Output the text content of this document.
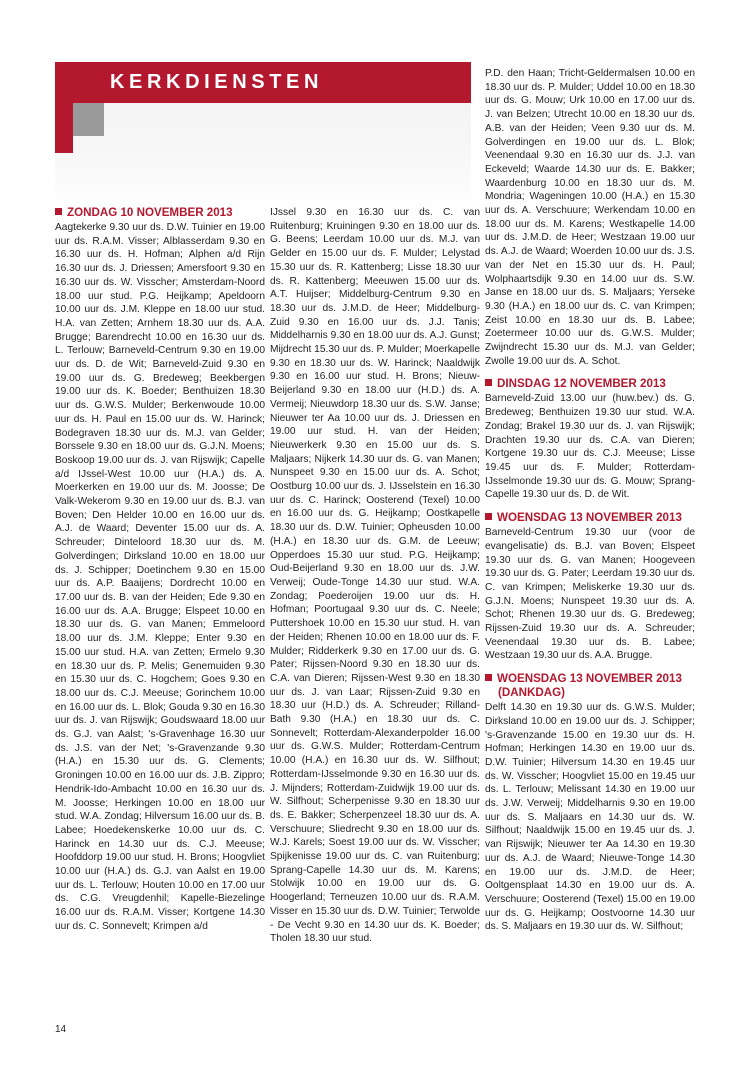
KERKDIENSTEN
ZONDAG 10 NOVEMBER 2013
Aagtekerke 9.30 uur ds. D.W. Tuinier en 19.00 uur ds. R.A.M. Visser; Alblasserdam 9.30 en 16.30 uur ds. H. Hofman; Alphen a/d Rijn 16.30 uur ds. J. Driessen; Amersfoort 9.30 en 16.30 uur ds. W. Visscher; Amsterdam-Noord 18.00 uur stud. P.G. Heijkamp; Apeldoorn 10.00 uur ds. J.M. Kleppe en 18.00 uur stud. H.A. van Zetten; Arnhem 18.30 uur ds. A.A. Brugge; Barendrecht 10.00 en 16.30 uur ds. L. Terlouw; Barneveld-Centrum 9.30 en 19.00 uur ds. D. de Wit; Barneveld-Zuid 9.30 en 19.00 uur ds. G. Bredeweg; Beekbergen 19.00 uur ds. K. Boeder; Benthuizen 18.30 uur ds. G.W.S. Mulder; Berkenwoude 10.00 uur ds. H. Paul en 15.00 uur ds. W. Harinck; Bodegraven 18.30 uur ds. M.J. van Gelder; Borssele 9.30 en 18.00 uur ds. G.J.N. Moens; Boskoop 19.00 uur ds. J. van Rijswijk; Capelle a/d IJssel-West 10.00 uur (H.A.) ds. A. Moerkerken en 19.00 uur ds. M. Joosse; De Valk-Wekerom 9.30 en 19.00 uur ds. B.J. van Boven; Den Helder 10.00 en 16.00 uur ds. A.J. de Waard; Deventer 15.00 uur ds. A. Schreuder; Dinteloord 18.30 uur ds. M. Golverdingen; Dirksland 10.00 en 18.00 uur ds. J. Schipper; Doetinchem 9.30 en 15.00 uur ds. A.P. Baaijens; Dordrecht 10.00 en 17.00 uur ds. B. van der Heiden; Ede 9.30 en 16.00 uur ds. A.A. Brugge; Elspeet 10.00 en 18.30 uur ds. G. van Manen; Emmeloord 18.00 uur ds. J.M. Kleppe; Enter 9.30 en 15.00 uur stud. H.A. van Zetten; Ermelo 9.30 en 18.30 uur ds. P. Melis; Genemuiden 9.30 en 15.30 uur ds. C. Hogchem; Goes 9.30 en 18.00 uur ds. C.J. Meeuse; Gorinchem 10.00 en 16.00 uur ds. L. Blok; Gouda 9.30 en 16.30 uur ds. J. van Rijswijk; Goudswaard 18.00 uur ds. G.J. van Aalst; 's-Gravenhage 16.30 uur ds. J.S. van der Net; 's-Gravenzande 9.30 (H.A.) en 15.30 uur ds. G. Clements; Groningen 10.00 en 16.00 uur ds. J.B. Zippro; Hendrik-Ido-Ambacht 10.00 en 16.30 uur ds. M. Joosse; Herkingen 10.00 en 18.00 uur stud. W.A. Zondag; Hilversum 16.00 uur ds. B. Labee; Hoedekenskerke 10.00 uur ds. C. Harinck en 14.30 uur ds. C.J. Meeuse; Hoofddorp 19.00 uur stud. H. Brons; Hoogvliet 10.00 uur (H.A.) ds. G.J. van Aalst en 19.00 uur ds. L. Terlouw; Houten 10.00 en 17.00 uur ds. C.G. Vreugdenhil; Kapelle-Biezelinge 16.00 uur ds. R.A.M. Visser; Kortgene 14.30 uur ds. C. Sonnevelt; Krimpen a/d
IJssel 9.30 en 16.30 uur ds. C. van Ruitenburg; Kruiningen 9.30 en 18.00 uur ds. G. Beens; Leerdam 10.00 uur ds. M.J. van Gelder en 15.00 uur ds. F. Mulder; Lelystad 15.30 uur ds. R. Kattenberg; Lisse 18.30 uur ds. R. Kattenberg; Meeuwen 15.00 uur ds. A.T. Huijser; Middelburg-Centrum 9.30 en 18.30 uur ds. J.M.D. de Heer; Middelburg-Zuid 9.30 en 16.00 uur ds. J.J. Tanis; Middelharnis 9.30 en 18.00 uur ds. A.J. Gunst; Mijdrecht 15.30 uur ds. P. Mulder; Moerkapelle 9.30 en 18.30 uur ds. W. Harinck; Naaldwijk 9.30 en 16.00 uur stud. H. Brons; Nieuw-Beijerland 9.30 en 18.00 uur (H.D.) ds. A. Vermeij; Nieuwdorp 18.30 uur ds. S.W. Janse; Nieuwer ter Aa 10.00 uur ds. J. Driessen en 19.00 uur stud. H. van der Heiden; Nieuwerkerk 9.30 en 15.00 uur ds. S. Maljaars; Nijkerk 14.30 uur ds. G. van Manen; Nunspeet 9.30 en 15.00 uur ds. A. Schot; Oostburg 10.00 uur ds. J. IJsselstein en 16.30 uur ds. C. Harinck; Oosterend (Texel) 10.00 en 16.00 uur ds. G. Heijkamp; Oostkapelle 18.30 uur ds. D.W. Tuinier; Opheusden 10.00 (H.A.) en 18.30 uur ds. G.M. de Leeuw; Opperdoes 15.30 uur stud. P.G. Heijkamp; Oud-Beijerland 9.30 en 18.00 uur ds. J.W. Verweij; Oude-Tonge 14.30 uur stud. W.A. Zondag; Poederoijen 19.00 uur ds. H. Hofman; Poortugaal 9.30 uur ds. C. Neele; Puttershoek 10.00 en 15.30 uur stud. H. van der Heiden; Rhenen 10.00 en 18.00 uur ds. F. Mulder; Ridderkerk 9.30 en 17.00 uur ds. G. Pater; Rijssen-Noord 9.30 en 18.30 uur ds. C.A. van Dieren; Rijssen-West 9.30 en 18.30 uur ds. J. van Laar; Rijssen-Zuid 9.30 en 18.30 uur (H.D.) ds. A. Schreuder; Rilland-Bath 9.30 (H.A.) en 18.30 uur ds. C. Sonnevelt; Rotterdam-Alexanderpolder 16.00 uur ds. G.W.S. Mulder; Rotterdam-Centrum 10.00 (H.A.) en 16.30 uur ds. W. Silfhout; Rotterdam-IJsselmonde 9.30 en 16.30 uur ds. J. Mijnders; Rotterdam-Zuidwijk 19.00 uur ds. W. Silfhout; Scherpenisse 9.30 en 18.30 uur ds. E. Bakker; Scherpenzeel 18.30 uur ds. A. Verschuure; Sliedrecht 9.30 en 18.00 uur ds. W.J. Karels; Soest 19.00 uur ds. W. Visscher; Spijkenisse 19.00 uur ds. C. van Ruitenburg; Sprang-Capelle 14.30 uur ds. M. Karens; Stolwijk 10.00 en 19.00 uur ds. G. Hoogerland; Terneuzen 10.00 uur ds. R.A.M. Visser en 15.30 uur ds. D.W. Tuinier; Terwolde - De Vecht 9.30 en 14.30 uur ds. K. Boeder; Tholen 18.30 uur stud.
P.D. den Haan; Tricht-Geldermalsen 10.00 en 18.30 uur ds. P. Mulder; Uddel 10.00 en 18.30 uur ds. G. Mouw; Urk 10.00 en 17.00 uur ds. J. van Belzen; Utrecht 10.00 en 18.30 uur ds. A.B. van der Heiden; Veen 9.30 uur ds. M. Golverdingen en 19.00 uur ds. L. Blok; Veenendaal 9.30 en 16.30 uur ds. J.J. van Eckeveld; Waarde 14.30 uur ds. E. Bakker; Waardenburg 10.00 en 18.30 uur ds. M. Mondria; Wageningen 10.00 (H.A.) en 15.30 uur ds. A. Verschuure; Werkendam 10.00 en 18.00 uur ds. M. Karens; Westkapelle 14.00 uur ds. J.M.D. de Heer; Westzaan 19.00 uur ds. A.J. de Waard; Woerden 10.00 uur ds. J.S. van der Net en 15.30 uur ds. H. Paul; Wolphaartsdijk 9.30 en 14.00 uur ds. S.W. Janse en 18.00 uur ds. S. Maljaars; Yerseke 9.30 (H.A.) en 18.00 uur ds. C. van Krimpen; Zeist 10.00 en 18.30 uur ds. B. Labee; Zoetermeer 10.00 uur ds. G.W.S. Mulder; Zwijndrecht 15.30 uur ds. M.J. van Gelder; Zwolle 19.00 uur ds. A. Schot.
DINSDAG 12 NOVEMBER 2013
Barneveld-Zuid 13.00 uur (huw.bev.) ds. G. Bredeweg; Benthuizen 19.30 uur stud. W.A. Zondag; Brakel 19.30 uur ds. J. van Rijswijk; Drachten 19.30 uur ds. C.A. van Dieren; Kortgene 19.30 uur ds. C.J. Meeuse; Lisse 19.45 uur ds. F. Mulder; Rotterdam-IJsselmonde 19.30 uur ds. G. Mouw; Sprang-Capelle 19.30 uur ds. D. de Wit.
WOENSDAG 13 NOVEMBER 2013
Barneveld-Centrum 19.30 uur (voor de evangelisatie) ds. B.J. van Boven; Elspeet 19.30 uur ds. G. van Manen; Hoogeveen 19.30 uur ds. G. Pater; Leerdam 19.30 uur ds. C. van Krimpen; Meliskerke 19.30 uur ds. G.J.N. Moens; Nunspeet 19.30 uur ds. A. Schot; Rhenen 19.30 uur ds. G. Bredeweg; Rijssen-Zuid 19.30 uur ds. A. Schreuder; Veenendaal 19.30 uur ds. B. Labee; Westzaan 19.30 uur ds. A.A. Brugge.
WOENSDAG 13 NOVEMBER 2013
(DANKDAG)
Delft 14.30 en 19.30 uur ds. G.W.S. Mulder; Dirksland 10.00 en 19.00 uur ds. J. Schipper; 's-Gravenzande 15.00 en 19.30 uur ds. H. Hofman; Herkingen 14.30 en 19.00 uur ds. D.W. Tuinier; Hilversum 14.30 en 19.45 uur ds. W. Visscher; Hoogvliet 15.00 en 19.45 uur ds. L. Terlouw; Melissant 14.30 en 19.00 uur ds. J.W. Verweij; Middelharnis 9.30 en 19.00 uur ds. S. Maljaars en 14.30 uur ds. W. Silfhout; Naaldwijk 15.00 en 19.45 uur ds. J. van Rijswijk; Nieuwer ter Aa 14.30 en 19.30 uur ds. A.J. de Waard; Nieuwe-Tonge 14.30 en 19.00 uur ds. J.M.D. de Heer; Ooltgensplaat 14.30 en 19.00 uur ds. A. Verschuure; Oosterend (Texel) 15.00 en 19.00 uur ds. G. Heijkamp; Oostvoorne 14.30 uur ds. S. Maljaars en 19.30 uur ds. W. Silfhout;
14
